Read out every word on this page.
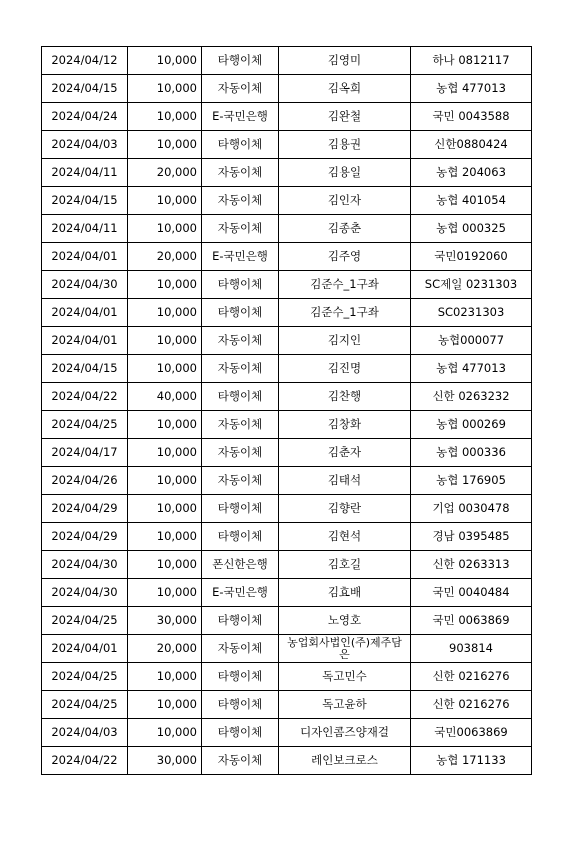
2024/04/12	10,000	타행이체	김영미	하나 0812117
2024/04/15	10,000	자동이체	김옥희	농협 477013
2024/04/24	10,000	E-국민은행	김완철	국민 0043588
2024/04/03	10,000	타행이체	김용권	신한0880424
2024/04/11	20,000	자동이체	김용일	농협 204063
2024/04/15	10,000	자동이체	김인자	농협 401054
2024/04/11	10,000	자동이체	김종춘	농협 000325
2024/04/01	20,000	E-국민은행	김주영	국민0192060
2024/04/30	10,000	타행이체	김준수_1구좌	SC제일 0231303
2024/04/01	10,000	타행이체	김준수_1구좌	SC0231303
2024/04/01	10,000	자동이체	김지인	농협000077
2024/04/15	10,000	자동이체	김진명	농협 477013
2024/04/22	40,000	타행이체	김찬행	신한 0263232
2024/04/25	10,000	자동이체	김창화	농협 000269
2024/04/17	10,000	자동이체	김춘자	농협 000336
2024/04/26	10,000	자동이체	김태석	농협 176905
2024/04/29	10,000	타행이체	김향란	기업 0030478
2024/04/29	10,000	타행이체	김현석	경남 0395485
2024/04/30	10,000	폰신한은행	김호길	신한 0263313
2024/04/30	10,000	E-국민은행	김효배	국민 0040484
2024/04/25	30,000	타행이체	노영호	국민 0063869
2024/04/01	20,000	자동이체	농업회사법인(주)제주담은	903814
2024/04/25	10,000	타행이체	독고민수	신한 0216276
2024/04/25	10,000	타행이체	독고윤하	신한 0216276
2024/04/03	10,000	타행이체	디자인콤즈양재걸	국민0063869
2024/04/22	30,000	자동이체	레인보크로스	농협 171133
